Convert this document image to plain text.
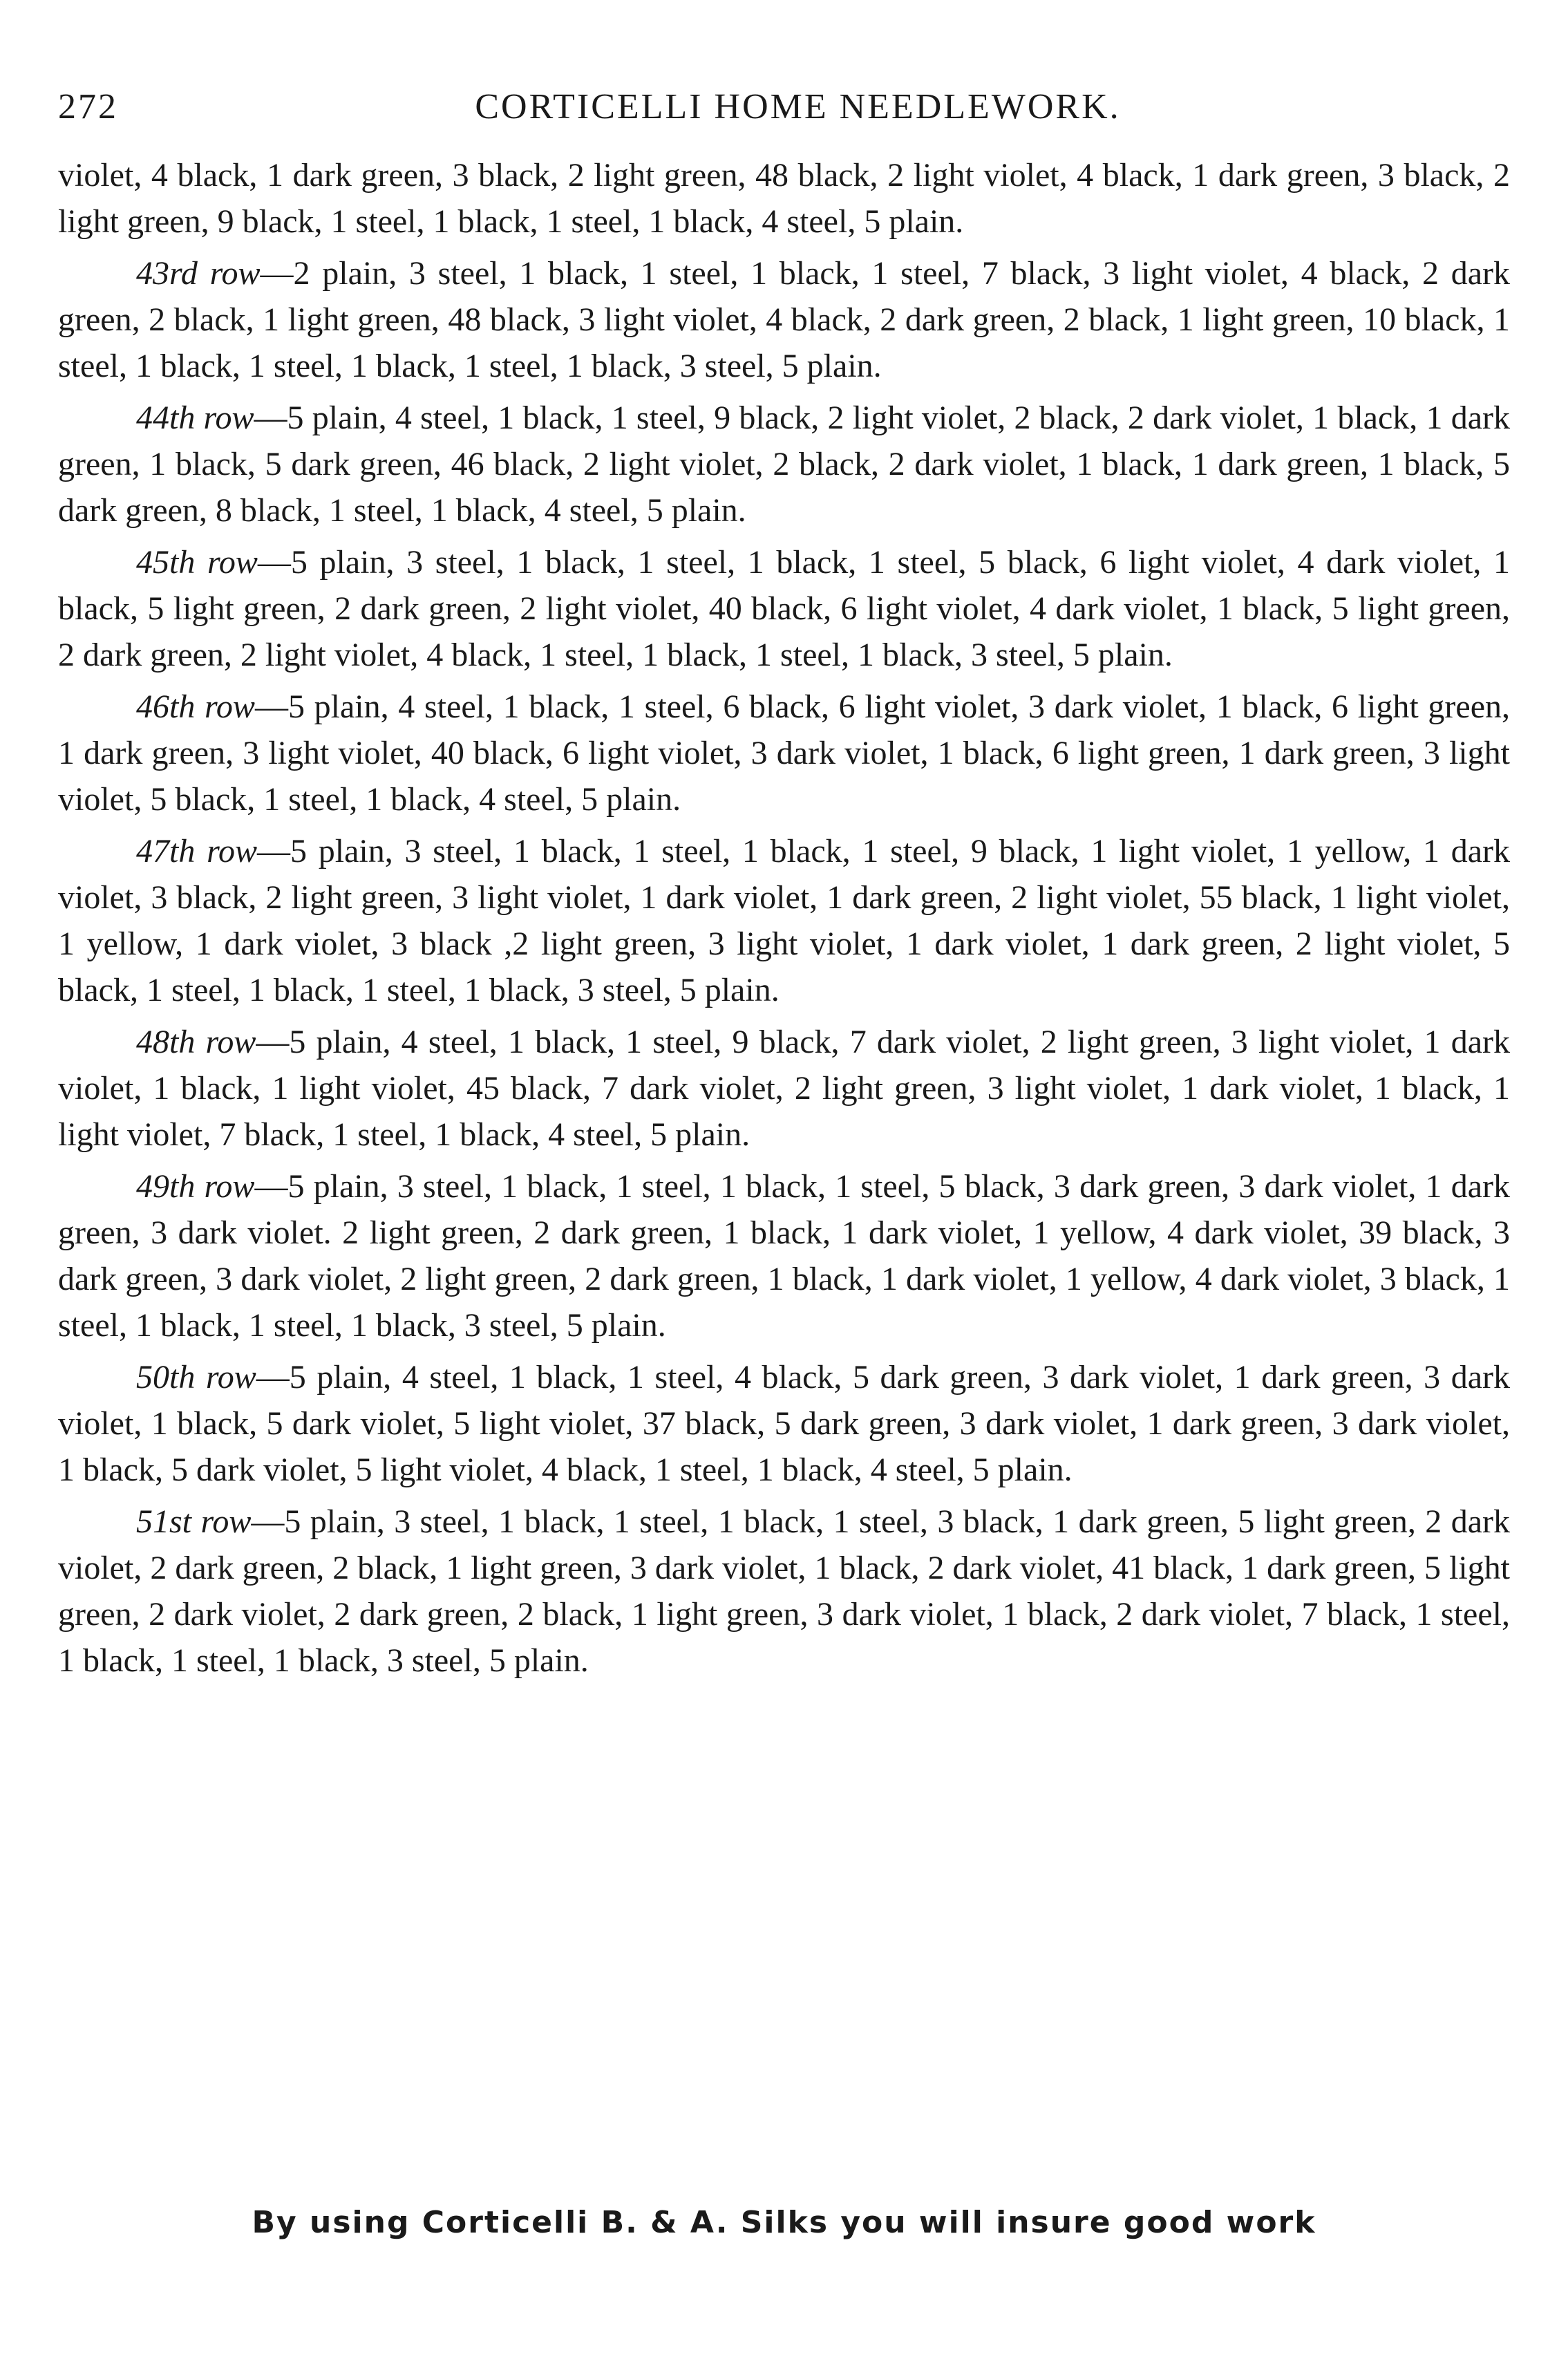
272	CORTICELLI HOME NEEDLEWORK.

violet, 4 black, 1 dark green, 3 black, 2 light green, 48 black, 2 light violet, 4 black, 1 dark green, 3 black, 2 light green, 9 black, 1 steel, 1 black, 1 steel, 1 black, 4 steel, 5 plain.

43rd row—2 plain, 3 steel, 1 black, 1 steel, 1 black, 1 steel, 7 black, 3 light violet, 4 black, 2 dark green, 2 black, 1 light green, 48 black, 3 light violet, 4 black, 2 dark green, 2 black, 1 light green, 10 black, 1 steel, 1 black, 1 steel, 1 black, 1 steel, 1 black, 3 steel, 5 plain.

44th row—5 plain, 4 steel, 1 black, 1 steel, 9 black, 2 light violet, 2 black, 2 dark violet, 1 black, 1 dark green, 1 black, 5 dark green, 46 black, 2 light violet, 2 black, 2 dark violet, 1 black, 1 dark green, 1 black, 5 dark green, 8 black, 1 steel, 1 black, 4 steel, 5 plain.

45th row—5 plain, 3 steel, 1 black, 1 steel, 1 black, 1 steel, 5 black, 6 light violet, 4 dark violet, 1 black, 5 light green, 2 dark green, 2 light violet, 40 black, 6 light violet, 4 dark violet, 1 black, 5 light green, 2 dark green, 2 light violet, 4 black, 1 steel, 1 black, 1 steel, 1 black, 3 steel, 5 plain.

46th row—5 plain, 4 steel, 1 black, 1 steel, 6 black, 6 light violet, 3 dark violet, 1 black, 6 light green, 1 dark green, 3 light violet, 40 black, 6 light violet, 3 dark violet, 1 black, 6 light green, 1 dark green, 3 light violet, 5 black, 1 steel, 1 black, 4 steel, 5 plain.

47th row—5 plain, 3 steel, 1 black, 1 steel, 1 black, 1 steel, 9 black, 1 light violet, 1 yellow, 1 dark violet, 3 black, 2 light green, 3 light violet, 1 dark violet, 1 dark green, 2 light violet, 55 black, 1 light violet, 1 yellow, 1 dark violet, 3 black ,2 light green, 3 light violet, 1 dark violet, 1 dark green, 2 light violet, 5 black, 1 steel, 1 black, 1 steel, 1 black, 3 steel, 5 plain.

48th row—5 plain, 4 steel, 1 black, 1 steel, 9 black, 7 dark violet, 2 light green, 3 light violet, 1 dark violet, 1 black, 1 light violet, 45 black, 7 dark violet, 2 light green, 3 light violet, 1 dark violet, 1 black, 1 light violet, 7 black, 1 steel, 1 black, 4 steel, 5 plain.

49th row—5 plain, 3 steel, 1 black, 1 steel, 1 black, 1 steel, 5 black, 3 dark green, 3 dark violet, 1 dark green, 3 dark violet. 2 light green, 2 dark green, 1 black, 1 dark violet, 1 yellow, 4 dark violet, 39 black, 3 dark green, 3 dark violet, 2 light green, 2 dark green, 1 black, 1 dark violet, 1 yellow, 4 dark violet, 3 black, 1 steel, 1 black, 1 steel, 1 black, 3 steel, 5 plain.

50th row—5 plain, 4 steel, 1 black, 1 steel, 4 black, 5 dark green, 3 dark violet, 1 dark green, 3 dark violet, 1 black, 5 dark violet, 5 light violet, 37 black, 5 dark green, 3 dark violet, 1 dark green, 3 dark violet, 1 black, 5 dark violet, 5 light violet, 4 black, 1 steel, 1 black, 4 steel, 5 plain.

51st row—5 plain, 3 steel, 1 black, 1 steel, 1 black, 1 steel, 3 black, 1 dark green, 5 light green, 2 dark violet, 2 dark green, 2 black, 1 light green, 3 dark violet, 1 black, 2 dark violet, 41 black, 1 dark green, 5 light green, 2 dark violet, 2 dark green, 2 black, 1 light green, 3 dark violet, 1 black, 2 dark violet, 7 black, 1 steel, 1 black, 1 steel, 1 black, 3 steel, 5 plain.

By using Corticelli B. & A. Silks you will insure good work
